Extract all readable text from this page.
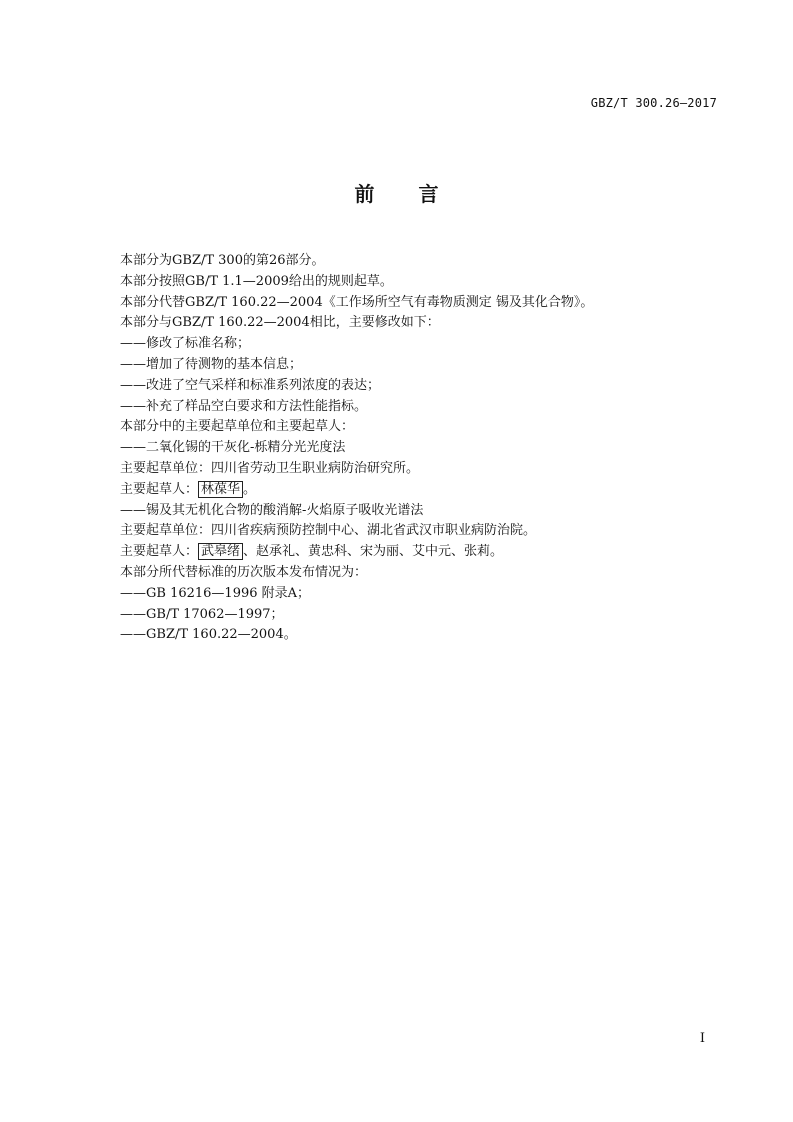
GBZ/T 300.26—2017
前 言
本部分为GBZ/T 300的第26部分。
本部分按照GB/T 1.1—2009给出的规则起草。
本部分代替GBZ/T 160.22—2004《工作场所空气有毒物质测定 锡及其化合物》。
本部分与GBZ/T 160.22—2004相比，主要修改如下：
——修改了标准名称；
——增加了待测物的基本信息；
——改进了空气采样和标准系列浓度的表达；
——补充了样品空白要求和方法性能指标。
本部分中的主要起草单位和主要起草人：
——二氧化锡的干灰化-栎精分光光度法
主要起草单位：四川省劳动卫生职业病防治研究所。
主要起草人： 林葆华 。
——锡及其无机化合物的酸消解-火焰原子吸收光谱法
主要起草单位：四川省疾病预防控制中心、湖北省武汉市职业病防治院。
主要起草人： 武皋绪 、赵承礼、黄忠科、宋为丽、艾中元、张莉。
本部分所代替标准的历次版本发布情况为：
——GB 16216—1996 附录A；
——GB/T 17062—1997；
——GBZ/T 160.22—2004。
I
